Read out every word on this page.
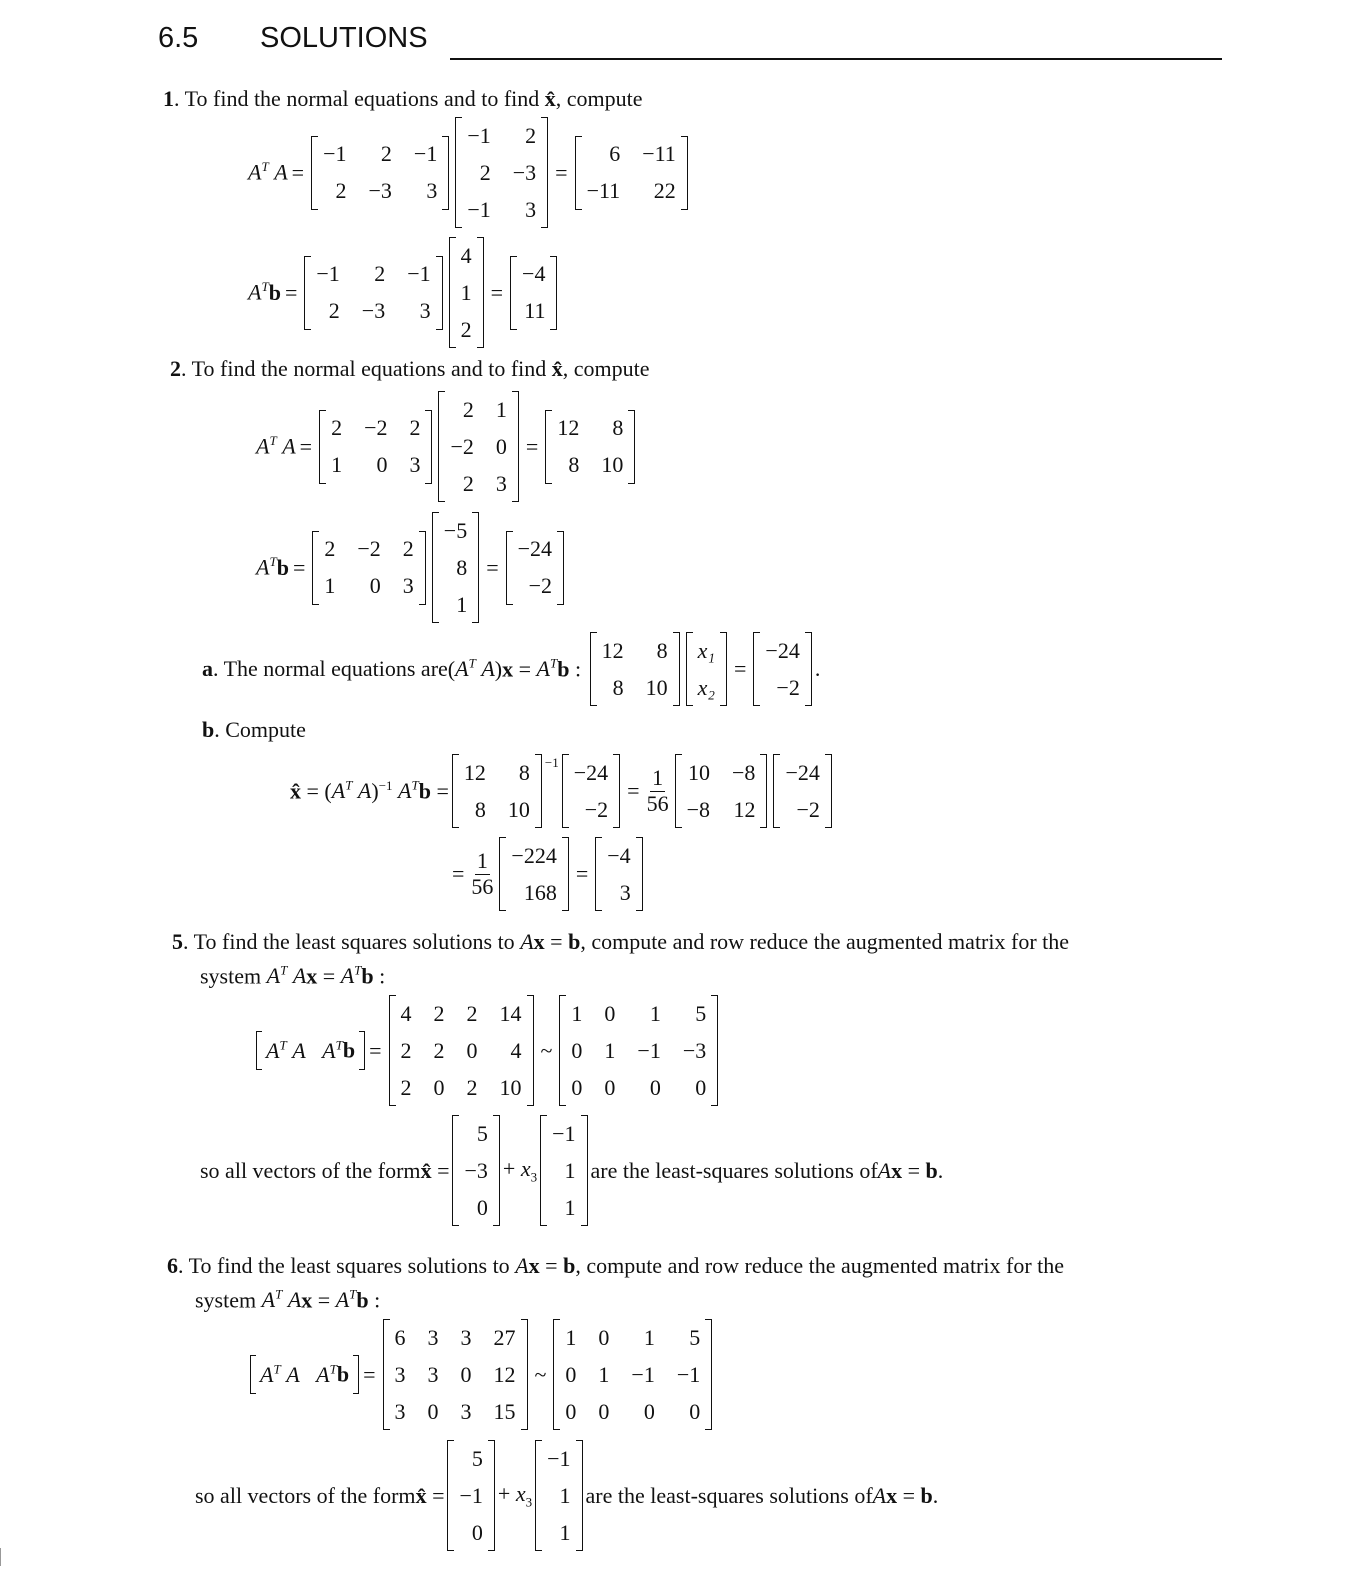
6.5 SOLUTIONS
1. To find the normal equations and to find x̂, compute
$A^T$ A =
−1 2 −1
2 −3 3
−1 2
2 −3
−1 3
=
6 −11
−11 22
$A^T$ b =
−1 2 −1
2 −3 3
4
1
2
=
−4
11
2. To find the normal equations and to find x̂, compute
$A^T$ A =
2 −2 2
1 0 3
2 1
−2 0
2 3
=
12 8
8 10
$A^T$ b =
2 −2 2
1 0 3
−5
8
1
=
−24
−2
a . The normal equations are ($A^T$ $A)x = A^Tb$ :
12 8
8 10
x₁
x₂
=
−24
−2
.
b. Compute
x̂ = ($A^T$ A)$^{-1}$ $A^Tb$ =
12 8
8 10
$^{-1}$ −24
−2
= $\frac{1}{56} 10 -8$
−8 12
−24
−2
= $\frac{1}{56} -224$
168
=
−4
3
5. To find the least squares solutions to Ax = b, compute and row reduce the augmented matrix for the
system $A^T$ $Ax = A^Tb$ :
$A^T$ A $A^Tb$ =
4 2 2 14
2 2 0 4
2 0 2 10
~
1 0 1 5
0 1 −1 −3
0 0 0 0
so all vectors of the form x̂ =
5
−3
0
+ $x_3$
−1
1
1
are the least-squares solutions of A x = b .
6. To find the least squares solutions to Ax = b, compute and row reduce the augmented matrix for the
system $A^T$ $Ax = A^Tb$ :
$A^T$ A $A^Tb$ =
6 3 3 27
3 3 0 12
3 0 3 15
~
1 0 1 5
0 1 −1 −1
0 0 0 0
so all vectors of the form x̂ =
5
−1
0
+ $x_3$
−1
1
1
are the least-squares solutions of A x = b .
